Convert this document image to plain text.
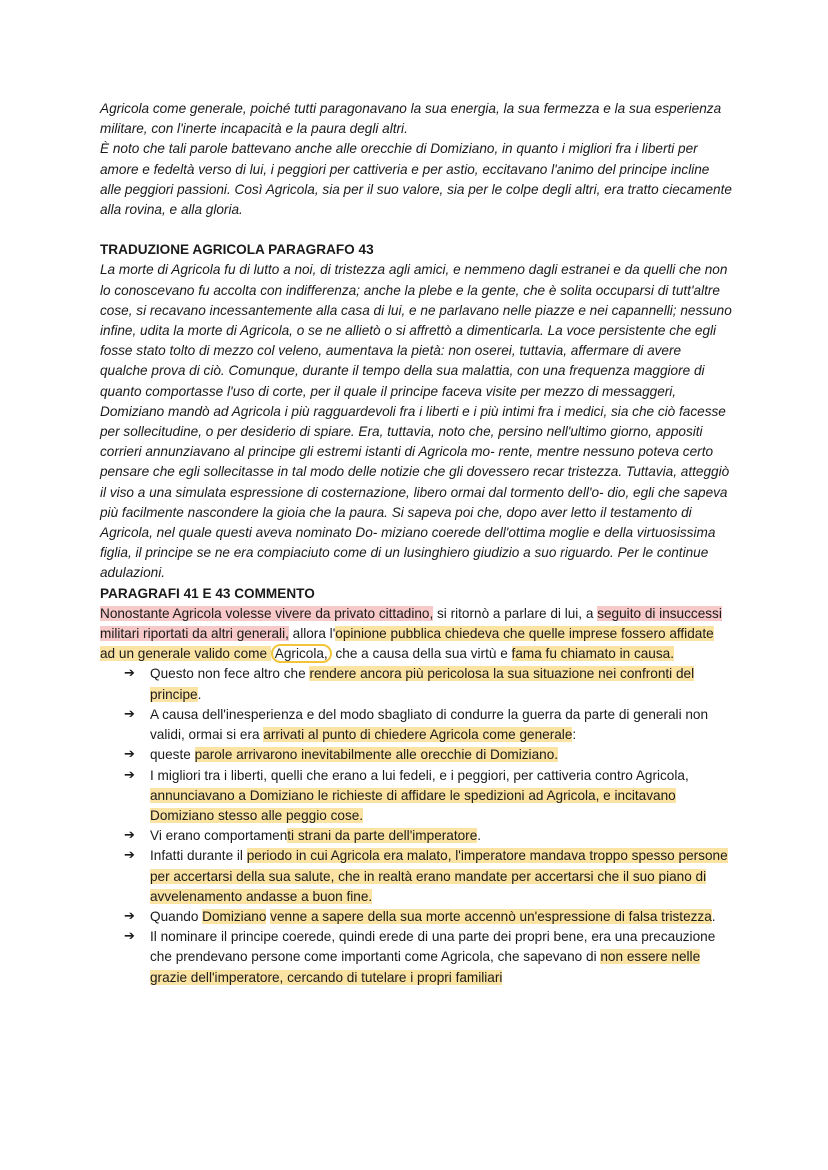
Agricola come generale, poiché tutti paragonavano la sua energia, la sua fermezza e la sua esperienza militare, con l'inerte incapacità e la paura degli altri.

È noto che tali parole battevano anche alle orecchie di Domiziano, in quanto i migliori fra i liberti per amore e fedeltà verso di lui, i peggiori per cattiveria e per astio, eccitavano l'animo del principe incline alle peggiori passioni. Così Agricola, sia per il suo valore, sia per le colpe degli altri, era tratto ciecamente alla rovina, e alla gloria.

TRADUZIONE AGRICOLA PARAGRAFO 43

La morte di Agricola fu di lutto a noi, di tristezza agli amici, e nemmeno dagli estranei e da quelli che non lo conoscevano fu accolta con indifferenza; anche la plebe e la gente, che è solita occuparsi di tutt'altre cose, si recavano incessantemente alla casa di lui, e ne parlavano nelle piazze e nei capannelli; nessuno infine, udita la morte di Agricola, o se ne allietò o si affrettò a dimenticarla. La voce persistente che egli fosse stato tolto di mezzo col veleno, aumentava la pietà: non oserei, tuttavia, affermare di avere qualche prova di ciò. Comunque, durante il tempo della sua malattia, con una frequenza maggiore di quanto comportasse l'uso di corte, per il quale il principe faceva visite per mezzo di messaggeri, Domiziano mandò ad Agricola i più ragguardevoli fra i liberti e i più intimi fra i medici, sia che ciò facesse per sollecitudine, o per desiderio di spiare. Era, tuttavia, noto che, persino nell'ultimo giorno, appositi corrieri annunziavano al principe gli estremi istanti di Agricola mo- rente, mentre nessuno poteva certo pensare che egli sollecitasse in tal modo delle notizie che gli dovessero recar tristezza. Tuttavia, atteggiò il viso a una simulata espressione di costernazione, libero ormai dal tormento dell'o- dio, egli che sapeva più facilmente nascondere la gioia che la paura. Si sapeva poi che, dopo aver letto il testamento di Agricola, nel quale questi aveva nominato Do- miziano coerede dell'ottima moglie e della virtuosissima figlia, il principe se ne era compiaciuto come di un lusinghiero giudizio a suo riguardo. Per le continue adulazioni.

PARAGRAFI 41 E 43 COMMENTO

Nonostante Agricola volesse vivere da privato cittadino, si ritornò a parlare di lui, a seguito di insuccessi militari riportati da altri generali, allora l'opinione pubblica chiedeva che quelle imprese fossero affidate ad un generale valido come Agricola, che a causa della sua virtù e fama fu chiamato in causa.

➔ Questo non fece altro che rendere ancora più pericolosa la sua situazione nei confronti del principe.
➔ A causa dell'inesperienza e del modo sbagliato di condurre la guerra da parte di generali non validi, ormai si era arrivati al punto di chiedere Agricola come generale:
➔ queste parole arrivarono inevitabilmente alle orecchie di Domiziano.
➔ I migliori tra i liberti, quelli che erano a lui fedeli, e i peggiori, per cattiveria contro Agricola, annunciavano a Domiziano le richieste di affidare le spedizioni ad Agricola, e incitavano Domiziano stesso alle peggio cose.
➔ Vi erano comportamenti strani da parte dell'imperatore.
➔ Infatti durante il periodo in cui Agricola era malato, l'imperatore mandava troppo spesso persone per accertarsi della sua salute, che in realtà erano mandate per accertarsi che il suo piano di avvelenamento andasse a buon fine.
➔ Quando Domiziano venne a sapere della sua morte accennò un'espressione di falsa tristezza.
➔ Il nominare il principe coerede, quindi erede di una parte dei propri bene, era una precauzione che prendevano persone come importanti come Agricola, che sapevano di non essere nelle grazie dell'imperatore, cercando di tutelare i propri familiari
